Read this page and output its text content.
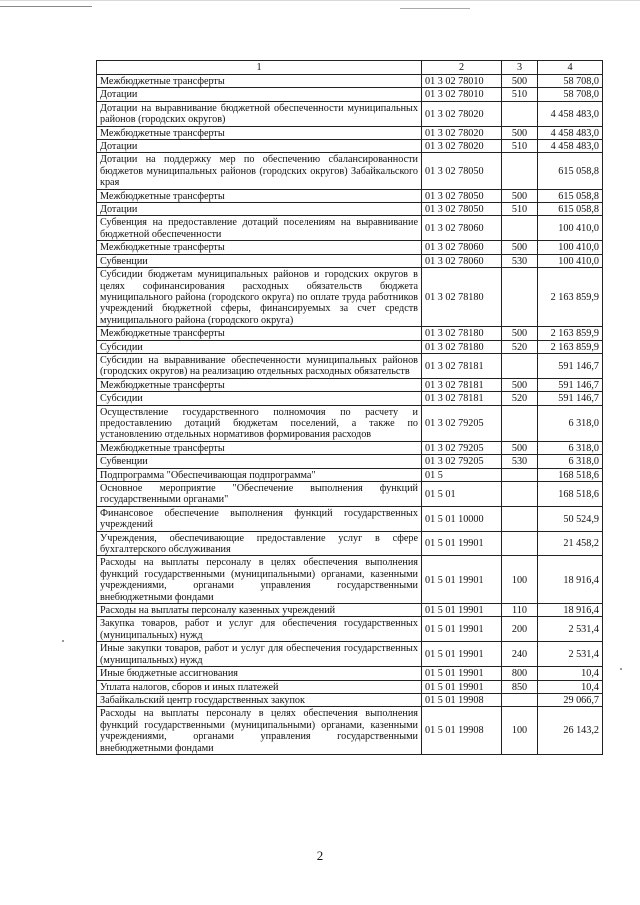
1	2	3	4
Межбюджетные трансферты	01 3 02 78010	500	58 708,0
Дотации	01 3 02 78010	510	58 708,0
Дотации на выравнивание бюджетной обеспеченности муниципальных районов (городских округов)	01 3 02 78020		4 458 483,0
Межбюджетные трансферты	01 3 02 78020	500	4 458 483,0
Дотации	01 3 02 78020	510	4 458 483,0
Дотации на поддержку мер по обеспечению сбалансированности бюджетов муниципальных районов (городских округов) Забайкальского края	01 3 02 78050		615 058,8
Межбюджетные трансферты	01 3 02 78050	500	615 058,8
Дотации	01 3 02 78050	510	615 058,8
Субвенция на предоставление дотаций поселениям на выравнивание бюджетной обеспеченности	01 3 02 78060		100 410,0
Межбюджетные трансферты	01 3 02 78060	500	100 410,0
Субвенции	01 3 02 78060	530	100 410,0
Субсидии бюджетам муниципальных районов и городских округов в целях софинансирования расходных обязательств бюджета муниципального района (городского округа) по оплате труда работников учреждений бюджетной сферы, финансируемых за счет средств муниципального района (городского округа)	01 3 02 78180		2 163 859,9
Межбюджетные трансферты	01 3 02 78180	500	2 163 859,9
Субсидии	01 3 02 78180	520	2 163 859,9
Субсидии на выравнивание обеспеченности муниципальных районов (городских округов) на реализацию отдельных расходных обязательств	01 3 02 78181		591 146,7
Межбюджетные трансферты	01 3 02 78181	500	591 146,7
Субсидии	01 3 02 78181	520	591 146,7
Осуществление государственного полномочия по расчету и предоставлению дотаций бюджетам поселений, а также по установлению отдельных нормативов формирования расходов	01 3 02 79205		6 318,0
Межбюджетные трансферты	01 3 02 79205	500	6 318,0
Субвенции	01 3 02 79205	530	6 318,0
Подпрограмма "Обеспечивающая подпрограмма"	01 5		168 518,6
Основное мероприятие "Обеспечение выполнения функций государственными органами"	01 5 01		168 518,6
Финансовое обеспечение выполнения функций государственных учреждений	01 5 01 10000		50 524,9
Учреждения, обеспечивающие предоставление услуг в сфере бухгалтерского обслуживания	01 5 01 19901		21 458,2
Расходы на выплаты персоналу в целях обеспечения выполнения функций государственными (муниципальными) органами, казенными учреждениями, органами управления государственными внебюджетными фондами	01 5 01 19901	100	18 916,4
Расходы на выплаты персоналу казенных учреждений	01 5 01 19901	110	18 916,4
Закупка товаров, работ и услуг для обеспечения государственных (муниципальных) нужд	01 5 01 19901	200	2 531,4
Иные закупки товаров, работ и услуг для обеспечения государственных (муниципальных) нужд	01 5 01 19901	240	2 531,4
Иные бюджетные ассигнования	01 5 01 19901	800	10,4
Уплата налогов, сборов и иных платежей	01 5 01 19901	850	10,4
Забайкальский центр государственных закупок	01 5 01 19908		29 066,7
Расходы на выплаты персоналу в целях обеспечения выполнения функций государственными (муниципальными) органами, казенными учреждениями, органами управления государственными внебюджетными фондами	01 5 01 19908	100	26 143,2
2
